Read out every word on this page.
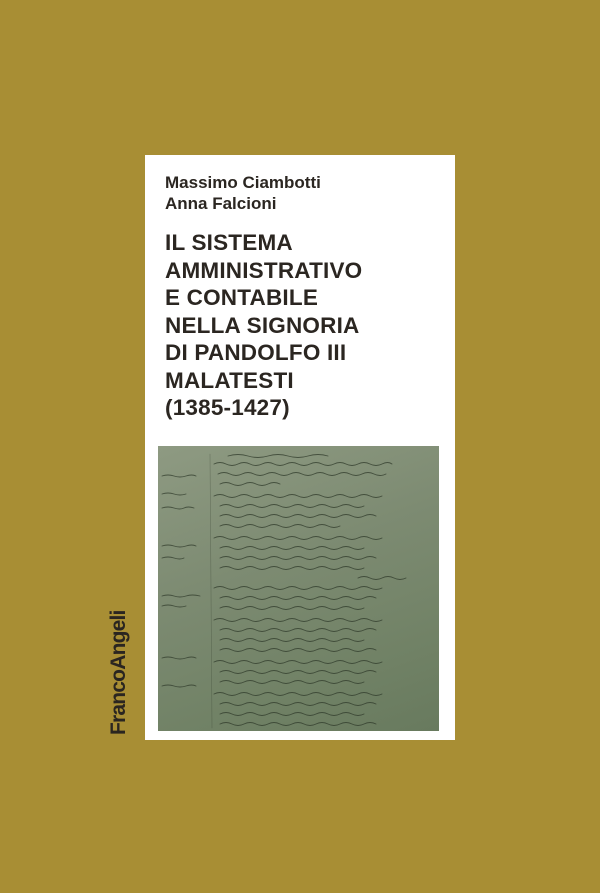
Massimo Ciambotti
Anna Falcioni
IL SISTEMA
AMMINISTRATIVO
E CONTABILE
NELLA SIGNORIA
DI PANDOLFO III
MALATESTI
(1385-1427)
FrancoAngeli
